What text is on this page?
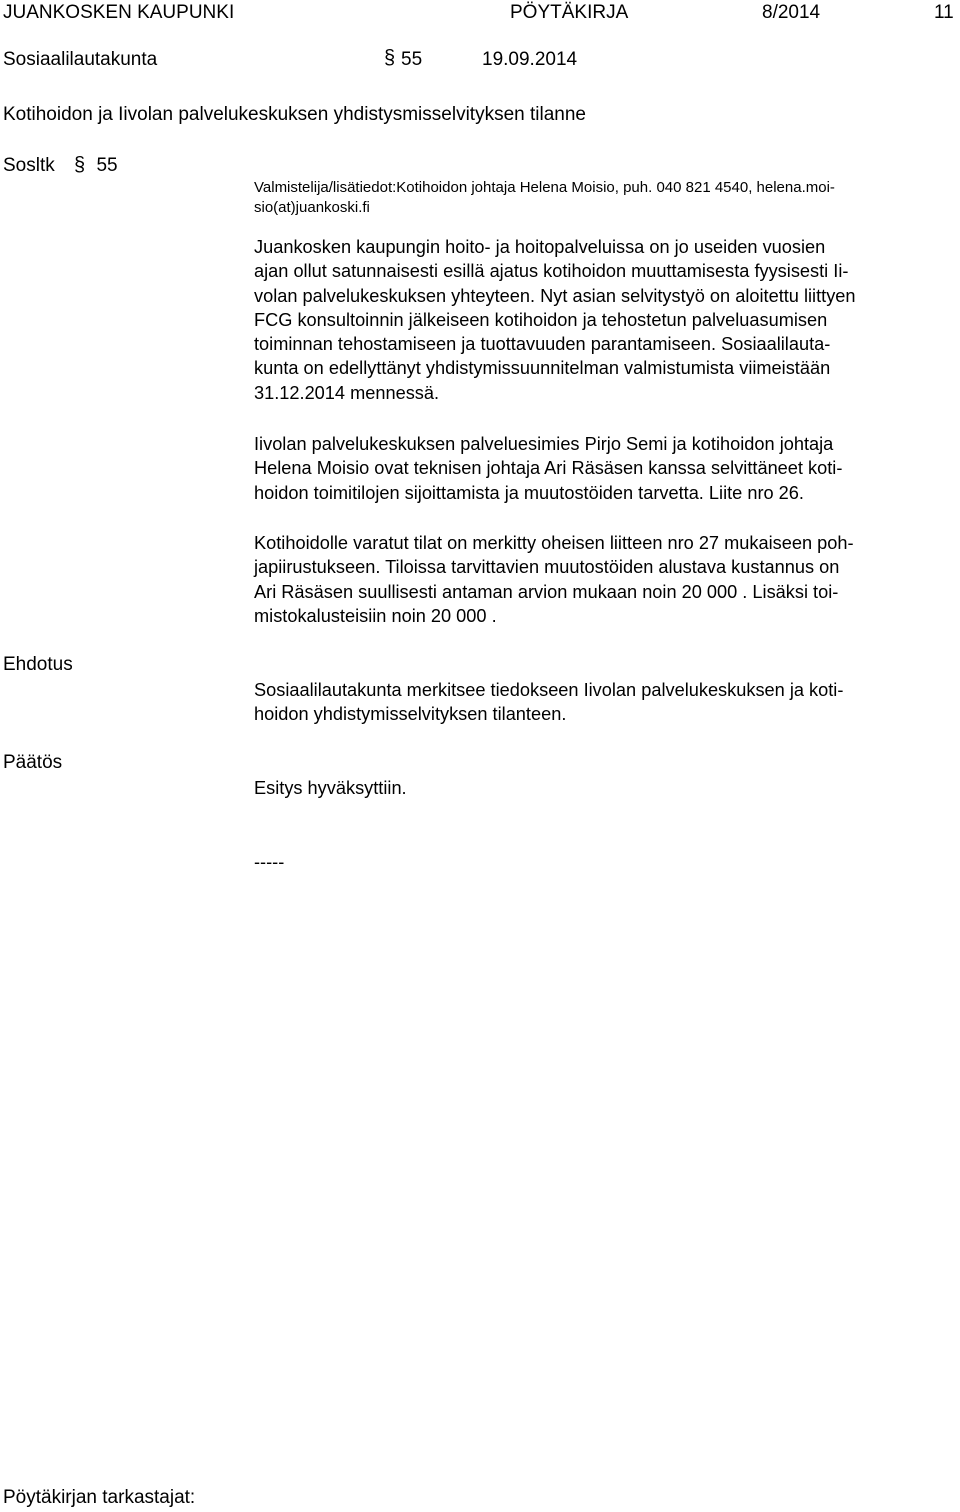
JUANKOSKEN KAUPUNKI	PÖYTÄKIRJA	8/2014	11
Sosiaalilautakunta	§ 55	19.09.2014
Kotihoidon ja Iivolan palvelukeskuksen yhdistysmisselvityksen tilanne
Sosltk § 55
Valmistelija/lisätiedot:Kotihoidon johtaja Helena Moisio, puh. 040 821 4540, helena.moi-
sio(at)juankoski.fi
Juankosken kaupungin hoito- ja hoitopalveluissa on jo useiden vuosien
ajan ollut satunnaisesti esillä ajatus kotihoidon muuttamisesta fyysisesti Ii-
volan palvelukeskuksen yhteyteen. Nyt asian selvitystyö on aloitettu liittyen
FCG konsultoinnin jälkeiseen kotihoidon ja tehostetun palveluasumisen
toiminnan tehostamiseen ja tuottavuuden parantamiseen. Sosiaalilauta-
kunta on edellyttänyt yhdistymissuunnitelman valmistumista viimeistään
31.12.2014 mennessä.
Iivolan palvelukeskuksen palveluesimies Pirjo Semi ja kotihoidon johtaja
Helena Moisio ovat teknisen johtaja Ari Räsäsen kanssa selvittäneet koti-
hoidon toimitilojen sijoittamista ja muutostöiden tarvetta. Liite nro 26.
Kotihoidolle varatut tilat on merkitty oheisen liitteen nro 27 mukaiseen poh-
japiirustukseen. Tiloissa tarvittavien muutostöiden alustava kustannus on
Ari Räsäsen suullisesti antaman arvion mukaan noin 20 000 . Lisäksi toi-
mistokalusteisiin noin 20 000 .
Ehdotus
Sosiaalilautakunta merkitsee tiedokseen Iivolan palvelukeskuksen ja koti-
hoidon yhdistymisselvityksen tilanteen.
Päätös
Esitys hyväksyttiin.
-----
Pöytäkirjan tarkastajat:
